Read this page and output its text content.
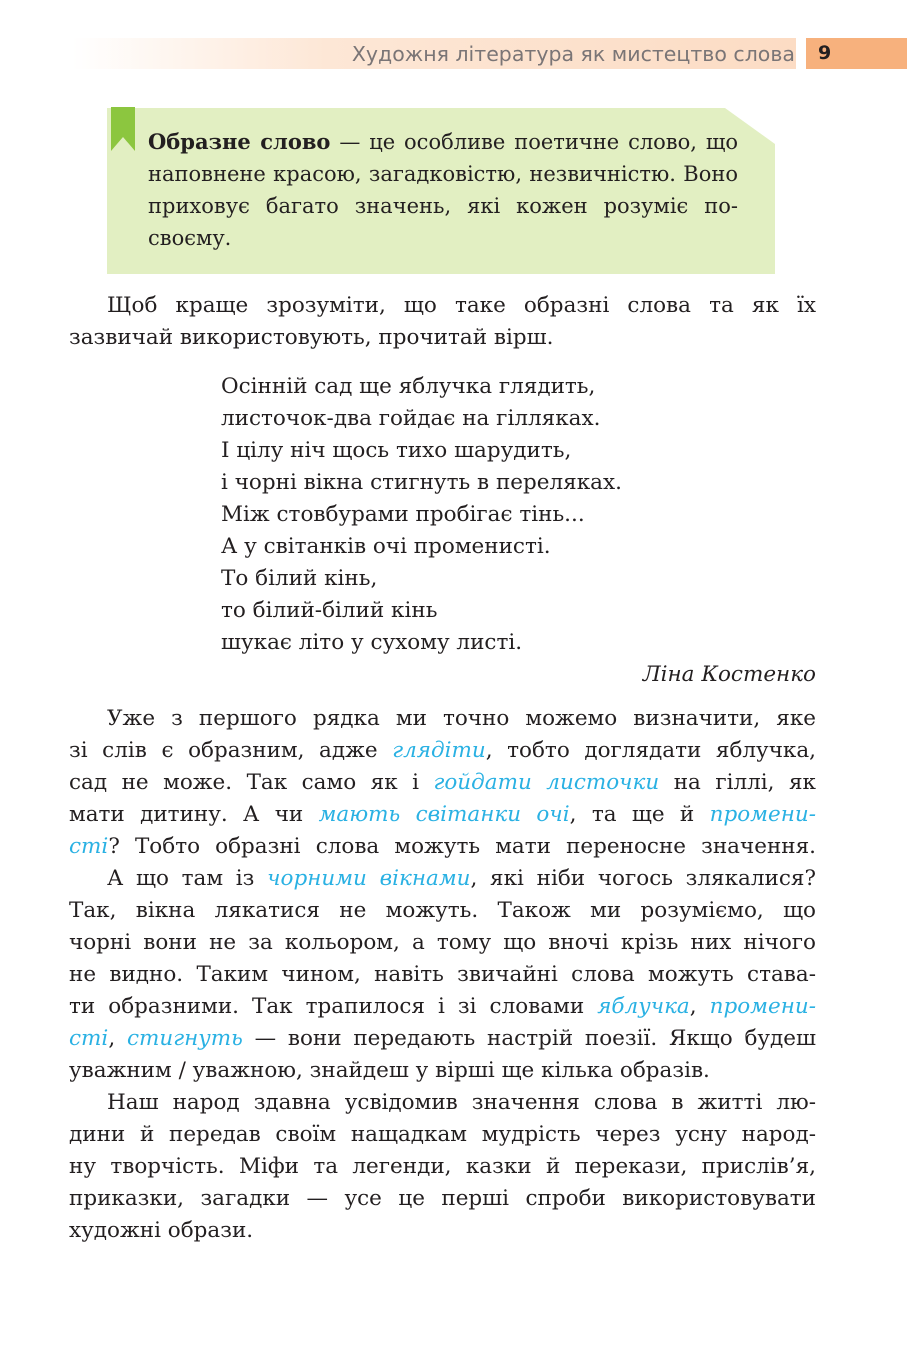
Художня література як мистецтво слова 9

Образне слово — це особливе поетичне слово, що наповнене красою, загадковістю, незвичністю. Воно приховує багато значень, які кожен розуміє по-своєму.

Щоб краще зрозуміти, що таке образні слова та як їх
зазвичай використовують, прочитай вірш.
Осінній сад ще яблучка глядить,
листочок-два гойдає на гілляках.
І цілу ніч щось тихо шарудить,
і чорні вікна стигнуть в переляках.
Між стовбурами пробігає тінь...
А у світанків очі променисті.
То білий кінь,
то білий-білий кінь
шукає літо у сухому листі.
Ліна Костенко
Уже з першого рядка ми точно можемо визначити, яке
зі слів є образним, адже глядіти, тобто доглядати яблучка,
сад не може. Так само як і гойдати листочки на гіллі, як
мати дитину. А чи мають світанки очі, та ще й промени-
сті? Тобто образні слова можуть мати переносне значення.
А що там із чорними вікнами, які ніби чогось злякалися?
Так, вікна лякатися не можуть. Також ми розуміємо, що
чорні вони не за кольором, а тому що вночі крізь них нічого
не видно. Таким чином, навіть звичайні слова можуть става-
ти образними. Так трапилося і зі словами яблучка, промени-
сті, стигнуть — вони передають настрій поезії. Якщо будеш
уважним / уважною, знайдеш у вірші ще кілька образів.
Наш народ здавна усвідомив значення слова в житті лю-
дини й передав своїм нащадкам мудрість через усну народ-
ну творчість. Міфи та легенди, казки й перекази, прислів’я,
приказки, загадки — усе це перші спроби використовувати
художні образи.
